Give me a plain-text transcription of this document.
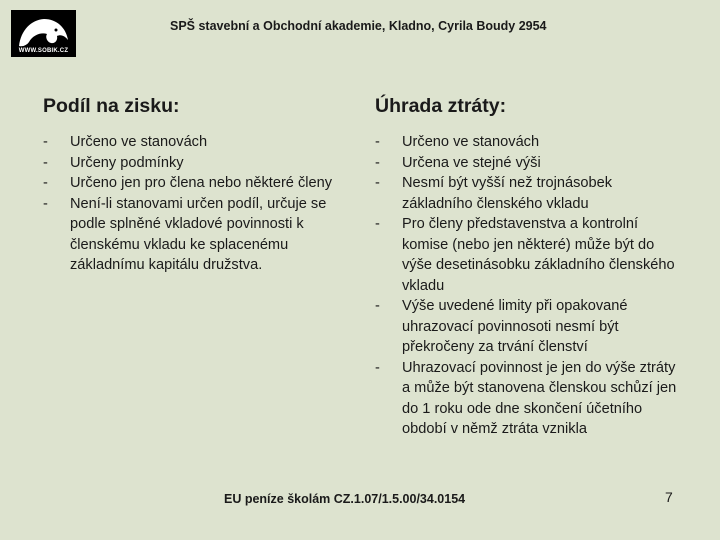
WWW.SOBIK.CZ
SPŠ stavební a Obchodní akademie, Kladno, Cyrila Boudy 2954
Podíl na zisku:
- Určeno ve stanovách
- Určeny podmínky
- Určeno jen pro člena nebo některé členy
- Není-li stanovami určen podíl, určuje se podle splněné vkladové povinnosti k členskému vkladu ke splacenému základnímu kapitálu družstva.
Úhrada ztráty:
- Určeno ve stanovách
- Určena ve stejné výši
- Nesmí být vyšší než trojnásobek základního členského vkladu
- Pro členy představenstva a kontrolní komise (nebo jen některé) může být do výše desetinásobku základního členského vkladu
- Výše uvedené limity při opakované uhrazovací povinnosoti nesmí být překročeny za trvání členství
- Uhrazovací povinnost je jen do výše ztráty a může být stanovena členskou schůzí jen do 1 roku ode dne skončení účetního období v němž ztráta vznikla
EU peníze školám CZ.1.07/1.5.00/34.0154	7
